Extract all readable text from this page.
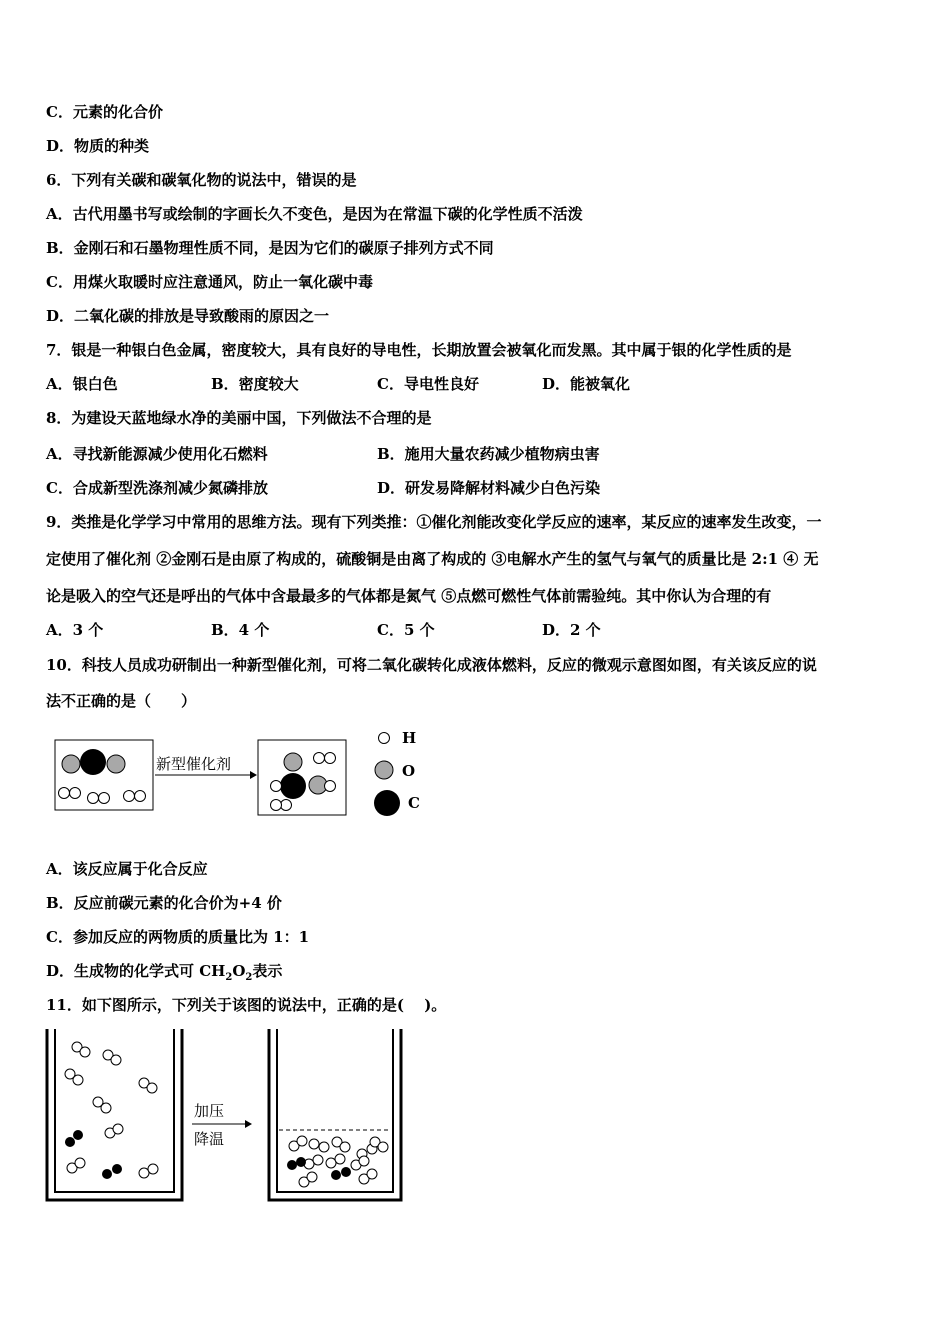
C．元素的化合价
D．物质的种类
6．下列有关碳和碳氧化物的说法中，错误的是
A．古代用墨书写或绘制的字画长久不变色，是因为在常温下碳的化学性质不活泼
B．金刚石和石墨物理性质不同，是因为它们的碳原子排列方式不同
C．用煤火取暖时应注意通风，防止一氧化碳中毒
D．二氧化碳的排放是导致酸雨的原因之一
7．银是一种银白色金属，密度较大，具有良好的导电性，长期放置会被氧化而发黑。其中属于银的化学性质的是
A．银白色	B．密度较大	C．导电性良好	D．能被氧化
8．为建设天蓝地绿水净的美丽中国，下列做法不合理的是
A．寻找新能源减少使用化石燃料	B．施用大量农药减少植物病虫害
C．合成新型洗涤剂减少氮磷排放	D．研发易降解材料减少白色污染
9．类推是化学学习中常用的思维方法。现有下列类推：①催化剂能改变化学反应的速率，某反应的速率发生改变，一
定使用了催化剂 ②金刚石是由原了构成的，硫酸铜是由离了构成的 ③电解水产生的氢气与氧气的质量比是 2:1 ④ 无
论是吸入的空气还是呼出的气体中含最最多的气体都是氮气 ⑤点燃可燃性气体前需验纯。其中你认为合理的有
A．3 个	B．4 个	C．5 个	D．2 个
10．科技人员成功研制出一种新型催化剂，可将二氧化碳转化成液体燃料，反应的微观示意图如图，有关该反应的说
法不正确的是（　　）
新型催化剂
H
O
C
A．该反应属于化合反应
B．反应前碳元素的化合价为+4 价
C．参加反应的两物质的质量比为 1：1
D．生成物的化学式可 $CH_2O_2$表示
11．如下图所示，下列关于该图的说法中，正确的是(　 )。
加压
降温
